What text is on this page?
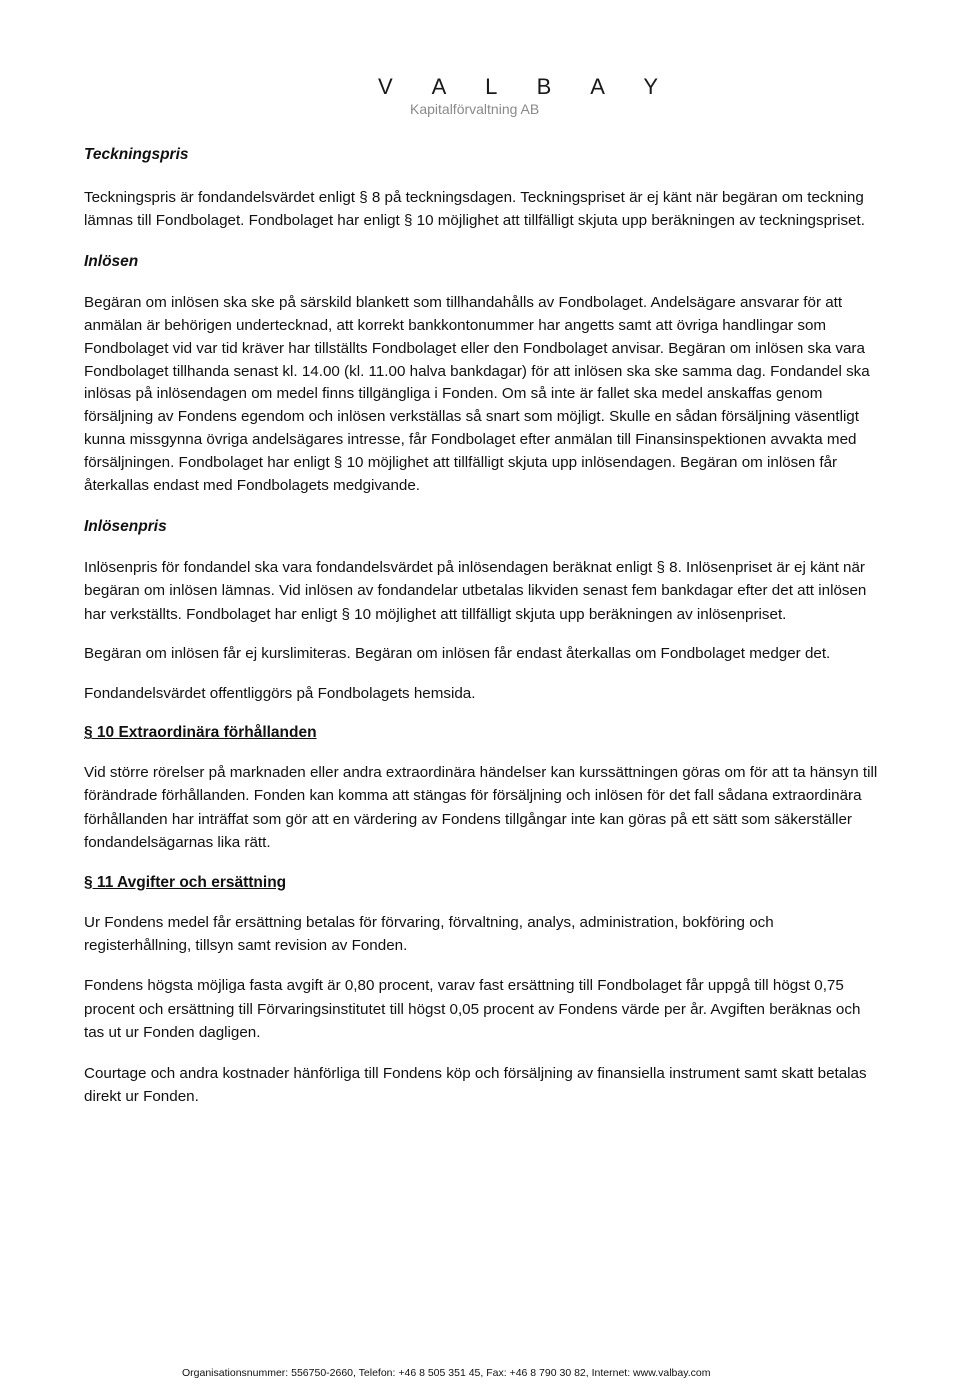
V A L B A Y
Kapitalförvaltning AB
Teckningspris

Teckningspris är fondandelsvärdet enligt § 8 på teckningsdagen. Teckningspriset är ej känt när begäran om teckning lämnas till Fondbolaget. Fondbolaget har enligt § 10 möjlighet att tillfälligt skjuta upp beräkningen av teckningspriset.

Inlösen

Begäran om inlösen ska ske på särskild blankett som tillhandahålls av Fondbolaget. Andelsägare ansvarar för att anmälan är behörigen undertecknad, att korrekt bankkontonummer har angetts samt att övriga handlingar som Fondbolaget vid var tid kräver har tillställts Fondbolaget eller den Fondbolaget anvisar. Begäran om inlösen ska vara Fondbolaget tillhanda senast kl. 14.00 (kl. 11.00 halva bankdagar) för att inlösen ska ske samma dag. Fondandel ska inlösas på inlösendagen om medel finns tillgängliga i Fonden. Om så inte är fallet ska medel anskaffas genom försäljning av Fondens egendom och inlösen verkställas så snart som möjligt. Skulle en sådan försäljning väsentligt kunna missgynna övriga andelsägares intresse, får Fondbolaget efter anmälan till Finansinspektionen avvakta med försäljningen. Fondbolaget har enligt § 10 möjlighet att tillfälligt skjuta upp inlösendagen. Begäran om inlösen får återkallas endast med Fondbolagets medgivande.

Inlösenpris

Inlösenpris för fondandel ska vara fondandelsvärdet på inlösendagen beräknat enligt § 8. Inlösenpriset är ej känt när begäran om inlösen lämnas. Vid inlösen av fondandelar utbetalas likviden senast fem bankdagar efter det att inlösen har verkställts. Fondbolaget har enligt § 10 möjlighet att tillfälligt skjuta upp beräkningen av inlösenpriset.

Begäran om inlösen får ej kurslimiteras. Begäran om inlösen får endast återkallas om Fondbolaget medger det.

Fondandelsvärdet offentliggörs på Fondbolagets hemsida.

§ 10 Extraordinära förhållanden

Vid större rörelser på marknaden eller andra extraordinära händelser kan kurssättningen göras om för att ta hänsyn till förändrade förhållanden. Fonden kan komma att stängas för försäljning och inlösen för det fall sådana extraordinära förhållanden har inträffat som gör att en värdering av Fondens tillgångar inte kan göras på ett sätt som säkerställer fondandelsägarnas lika rätt.

§ 11 Avgifter och ersättning

Ur Fondens medel får ersättning betalas för förvaring, förvaltning, analys, administration, bokföring och registerhållning, tillsyn samt revision av Fonden.

Fondens högsta möjliga fasta avgift är 0,80 procent, varav fast ersättning till Fondbolaget får uppgå till högst 0,75 procent och ersättning till Förvaringsinstitutet till högst 0,05 procent av Fondens värde per år. Avgiften beräknas och tas ut ur Fonden dagligen.

Courtage och andra kostnader hänförliga till Fondens köp och försäljning av finansiella instrument samt skatt betalas direkt ur Fonden.

Organisationsnummer: 556750-2660, Telefon: +46 8 505 351 45, Fax: +46 8 790 30 82, Internet: www.valbay.com
